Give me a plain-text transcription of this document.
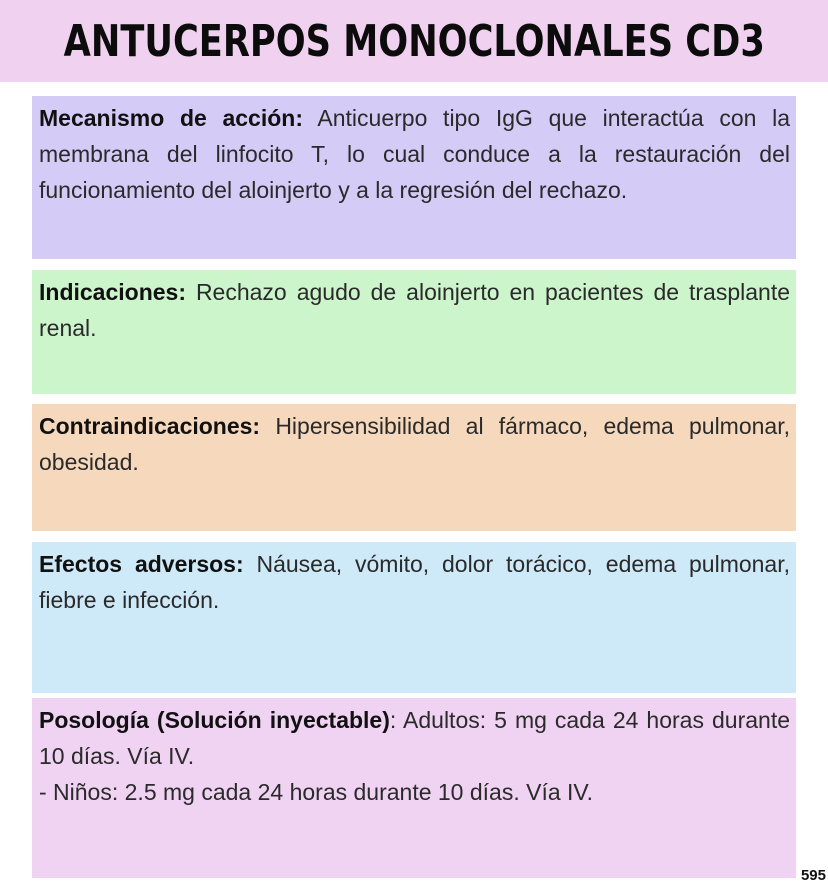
ANTUCERPOS MONOCLONALES CD3

Mecanismo de acción: Anticuerpo tipo IgG que interactúa con la membrana del linfocito T, lo cual conduce a la restauración del funcionamiento del aloinjerto y a la regresión del rechazo.

Indicaciones: Rechazo agudo de aloinjerto en pacientes de trasplante renal.

Contraindicaciones: Hipersensibilidad al fármaco, edema pulmonar, obesidad.

Efectos adversos: Náusea, vómito, dolor torácico, edema pulmonar, fiebre e infección.

Posología (Solución inyectable): Adultos: 5 mg cada 24 horas durante 10 días. Vía IV.

- Niños: 2.5 mg cada 24 horas durante 10 días. Vía IV.

595
